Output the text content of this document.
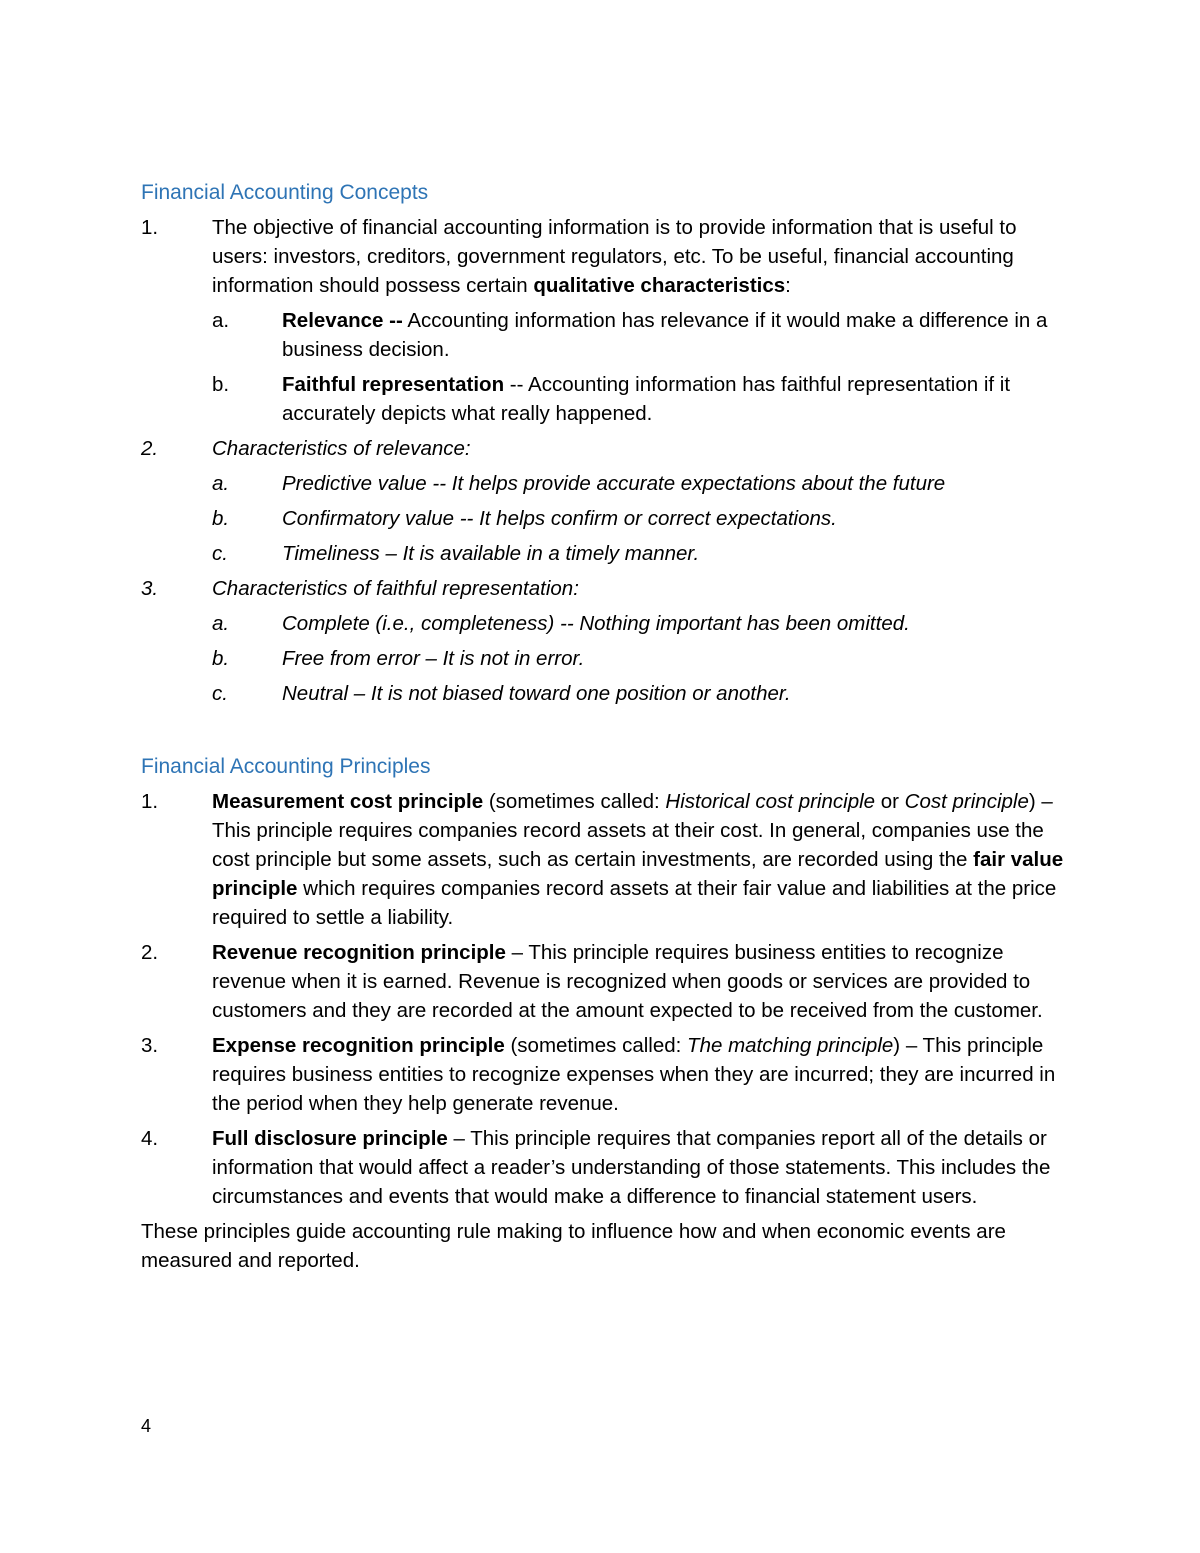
Financial Accounting Concepts
1.	The objective of financial accounting information is to provide information that is useful to users: investors, creditors, government regulators, etc. To be useful, financial accounting information should possess certain qualitative characteristics:
a.	Relevance -- Accounting information has relevance if it would make a difference in a business decision.
b.	Faithful representation -- Accounting information has faithful representation if it accurately depicts what really happened.
2.	Characteristics of relevance:
a.	Predictive value -- It helps provide accurate expectations about the future
b.	Confirmatory value -- It helps confirm or correct expectations.
c.	Timeliness – It is available in a timely manner.
3.	Characteristics of faithful representation:
a.	Complete (i.e., completeness) -- Nothing important has been omitted.
b.	Free from error – It is not in error.
c.	Neutral – It is not biased toward one position or another.
Financial Accounting Principles
1.	Measurement cost principle (sometimes called: Historical cost principle or Cost principle) – This principle requires companies record assets at their cost. In general, companies use the cost principle but some assets, such as certain investments, are recorded using the fair value principle which requires companies record assets at their fair value and liabilities at the price required to settle a liability.
2.	Revenue recognition principle – This principle requires business entities to recognize revenue when it is earned. Revenue is recognized when goods or services are provided to customers and they are recorded at the amount expected to be received from the customer.
3.	Expense recognition principle (sometimes called: The matching principle) – This principle requires business entities to recognize expenses when they are incurred; they are incurred in the period when they help generate revenue.
4.	Full disclosure principle – This principle requires that companies report all of the details or information that would affect a reader’s understanding of those statements. This includes the circumstances and events that would make a difference to financial statement users.
These principles guide accounting rule making to influence how and when economic events are measured and reported.
4
